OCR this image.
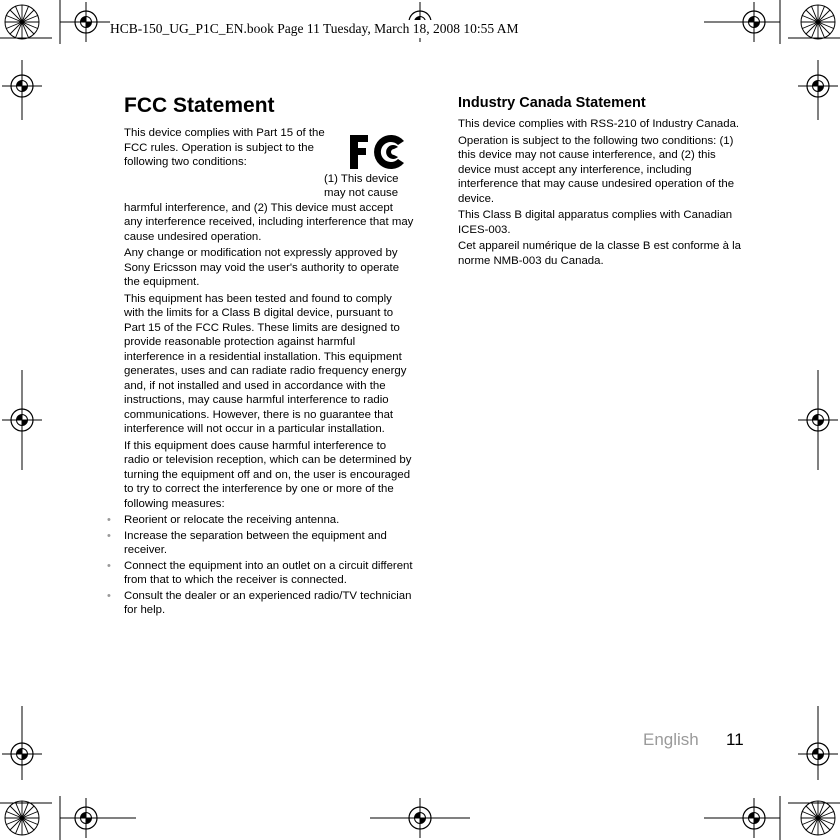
HCB-150_UG_P1C_EN.book Page 11 Tuesday, March 18, 2008 10:55 AM
FC
FCC Statement

This device complies with Part 15 of the FCC rules. Operation is subject to the following two conditions:

(1) This device may not cause harmful interference, and (2) This device must accept any interference received, including interference that may cause undesired operation.

Any change or modification not expressly approved by Sony Ericsson may void the user's authority to operate the equipment.

This equipment has been tested and found to comply with the limits for a Class B digital device, pursuant to Part 15 of the FCC Rules. These limits are designed to provide reasonable protection against harmful interference in a residential installation. This equipment generates, uses and can radiate radio frequency energy and, if not installed and used in accordance with the instructions, may cause harmful interference to radio communications. However, there is no guarantee that interference will not occur in a particular installation.

If this equipment does cause harmful interference to radio or television reception, which can be determined by turning the equipment off and on, the user is encouraged to try to correct the interference by one or more of the following measures:

• Reorient or relocate the receiving antenna.
• Increase the separation between the equipment and receiver.
• Connect the equipment into an outlet on a circuit different from that to which the receiver is connected.
• Consult the dealer or an experienced radio/TV technician for help.
Industry Canada Statement

This device complies with RSS-210 of Industry Canada.

Operation is subject to the following two conditions: (1) this device may not cause interference, and (2) this device must accept any interference, including interference that may cause undesired operation of the device.

This Class B digital apparatus complies with Canadian ICES-003.

Cet appareil numérique de la classe B est conforme à la norme NMB-003 du Canada.

English 11
